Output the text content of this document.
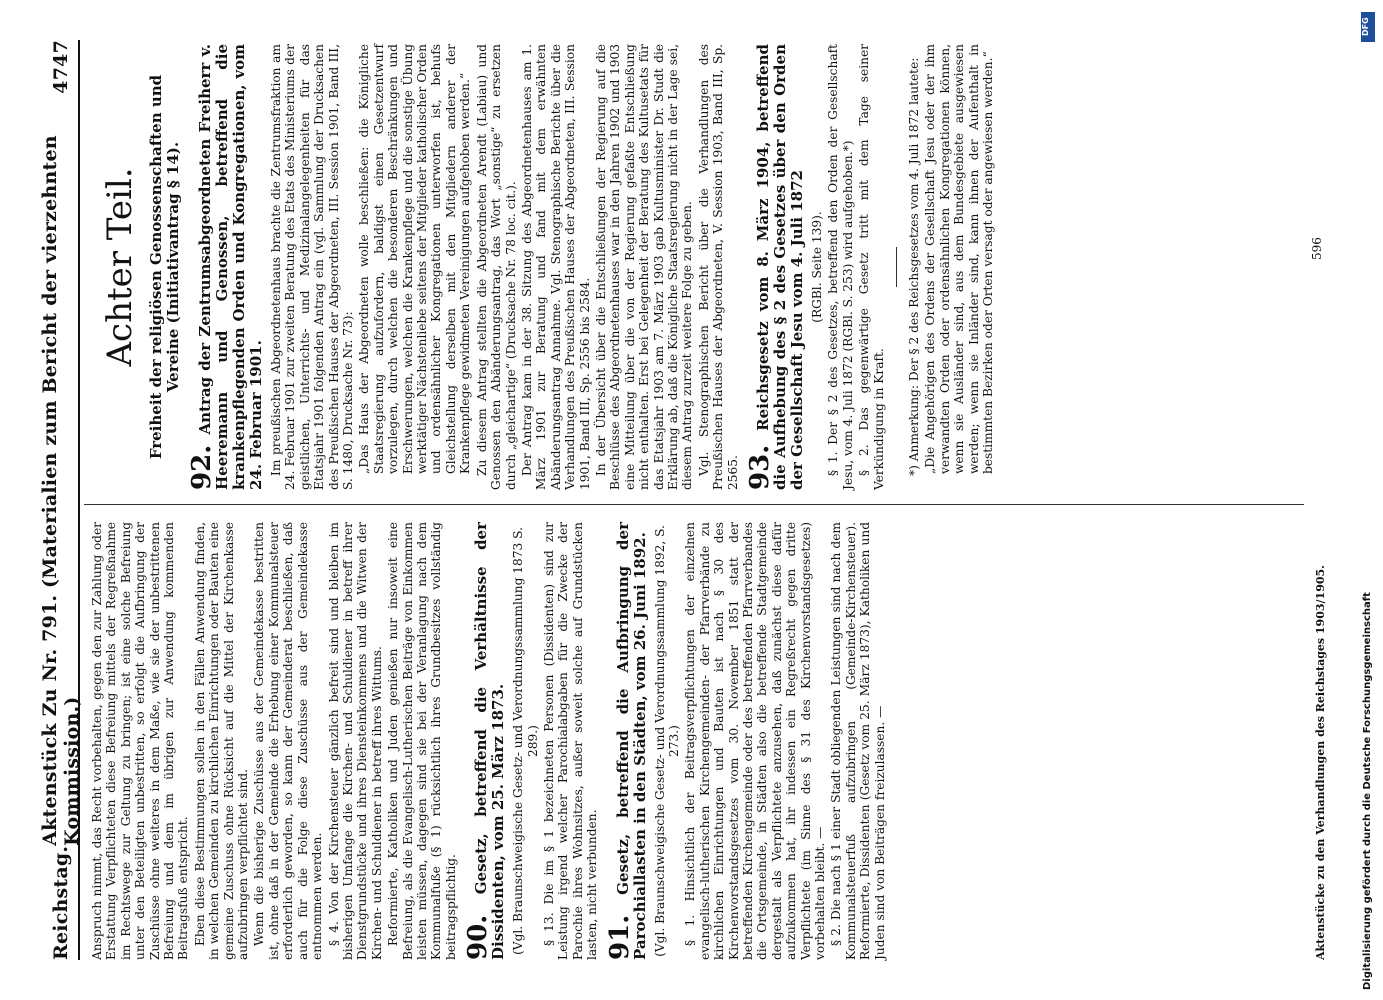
Reichstag.
Aktenstück Zu Nr. 791. (Materialien zum Bericht der vierzehnten Kommission.)
4747

Anspruch nimmt, das Recht vorbehalten, gegen den zur Zahlung oder Erstattung Verpflichteten diese Befreiung mittels der Regreßnahme im Rechtswege zur Geltung zu bringen; ist eine solche Befreiung unter den Beteiligten unbestritten, so erfolgt die Aufbringung der Zuschüsse ohne weiteres in dem Maße, wie sie der unbestrittenen Befreiung und dem im übrigen zur Anwendung kommenden Beitragsfuß entspricht. Eben diese Bestimmungen sollen in den Fällen Anwendung finden, in welchen Gemeinden zu kirchlichen Einrichtungen oder Bauten eine gemeine Zuschuss ohne Rücksicht auf die Mittel der Kirchenkasse aufzubringen verpflichtet sind. Wenn die bisherige Zuschüsse aus der Gemeindekasse bestritten ist, ohne daß in der Gemeinde die Erhebung einer Kommunalsteuer erforderlich geworden, so kann der Gemeinderat beschließen, daß auch für die Folge diese Zuschüsse aus der Gemeindekasse entnommen werden. § 4. Von der Kirchensteuer gänzlich befreit sind und bleiben im bisherigen Umfange die Kirchen- und Schuldiener in betreff ihrer Dienstgrundstücke und ihres Diensteinkommens und die Witwen der Kirchen- und Schuldiener in betreff ihres Wittums. Reformierte, Katholiken und Juden genießen nur insoweit eine Befreiung, als die Evangelisch-Lutherischen Beiträge von Einkommen leisten müssen, dagegen sind sie bei der Veranlagung nach dem Kommunalfuße (§ 1) rücksichtlich ihres Grundbesitzes vollständig beitragspflichtig. 90. Gesetz, betreffend die Verhältnisse der Dissidenten, vom 25. März 1873. (Vgl. Braunschweigische Gesetz- und Verordnungssammlung 1873 S. 289.) § 13. Die im § 1 bezeichneten Personen (Dissidenten) sind zur Leistung irgend welcher Parochialabgaben für die Zwecke der Parochie ihres Wohnsitzes, außer soweit solche auf Grundstücken lasten, nicht verbunden. 91. Gesetz, betreffend die Aufbringung der Parochiallasten in den Städten, vom 26. Juni 1892. (Vgl. Braunschweigische Gesetz- und Verordnungssammlung 1892, S. 273.) § 1. Hinsichtlich der Beitragsverpflichtungen der einzelnen evangelisch-lutherischen Kirchengemeinden- der Pfarrverbände zu kirchlichen Einrichtungen und Bauten ist nach § 30 des Kirchenvorstandsgesetzes vom 30. November 1851 statt der betreffenden Kirchengemeinde oder des betreffenden Pfarrverbandes die Ortsgemeinde, in Städten also die betreffende Stadtgemeinde dergestalt als Verpflichtete anzusehen, daß zunächst diese dafür aufzukommen hat, ihr indessen ein Regreßrecht gegen dritte Verpflichtete (im Sinne des § 31 des Kirchenvorstandsgesetzes) vorbehalten bleibt. — § 2. Die nach § 1 einer Stadt obliegenden Leistungen sind nach dem Kommunalsteuerfuß aufzubringen (Gemeinde-Kirchensteuer). Reformierte, Dissidenten (Gesetz vom 25. März 1873), Katholiken und Juden sind von Beiträgen freizulassen. —

Achter Teil. Freiheit der religiösen Genossenschaften und Vereine (Initiativantrag § 14).
92. Antrag der Zentrumsabgeordneten Freiherr v. Heeremann und Genossen, betreffend die krankenpflegenden Orden und Kongregationen, vom 24. Februar 1901. Im preußischen Abgeordnetenhaus brachte die Zentrumsfraktion am 24. Februar 1901 zur zweiten Beratung des Etats des Ministeriums der geistlichen, Unterrichts- und Medizinalangelegenheiten für das Etatsjahr 1901 folgenden Antrag ein (vgl. Sammlung der Drucksachen des Preußischen Hauses der Abgeordneten, III. Session 1901, Band III, S. 1480, Drucksache Nr. 73): „Das Haus der Abgeordneten wolle beschließen: die Königliche Staatsregierung aufzufordern, baldigst einen Gesetzentwurf vorzulegen, durch welchen die besonderen Beschränkungen und Erschwerungen, welchen die Krankenpflege und die sonstige Übung werktätiger Nächstenliebe seitens der Mitglieder katholischer Orden und ordensähnlicher Kongregationen unterworfen ist, behufs Gleichstellung derselben mit den Mitgliedern anderer der Krankenpflege gewidmeten Vereinigungen aufgehoben werden.“ Zu diesem Antrag stellten die Abgeordneten Arendt (Labiau) und Genossen den Abänderungsantrag, das Wort „sonstige“ zu ersetzen durch „gleichartige“ (Drucksache Nr. 78 loc. cit.). Der Antrag kam in der 38. Sitzung des Abgeordnetenhauses am 1. März 1901 zur Beratung und fand mit dem erwähnten Abänderungsantrag Annahme. Vgl. Stenographische Berichte über die Verhandlungen des Preußischen Hauses der Abgeordneten, III. Session 1901, Band III, Sp. 2556 bis 2584. In der Übersicht über die Entschließungen der Regierung auf die Beschlüsse des Abgeordnetenhauses war in den Jahren 1902 und 1903 eine Mitteilung über die von der Regierung gefaßte Entschließung nicht enthalten. Erst bei Gelegenheit der Beratung des Kultusetats für das Etatsjahr 1903 am 7. März 1903 gab Kultusminister Dr. Studt die Erklärung ab, daß die Königliche Staatsregierung nicht in der Lage sei, diesem Antrag zurzeit weitere Folge zu geben. Vgl. Stenographischen Bericht über die Verhandlungen des Preußischen Hauses der Abgeordneten, V. Session 1903, Band III, Sp. 2565. 93. Reichsgesetz vom 8. März 1904, betreffend die Aufhebung des § 2 des Gesetzes über den Orden der Gesellschaft Jesu vom 4. Juli 1872 (RGBl. Seite 139). § 1. Der § 2 des Gesetzes, betreffend den Orden der Gesellschaft Jesu, vom 4. Juli 1872 (RGBl. S. 253) wird aufgehoben.*) § 2. Das gegenwärtige Gesetz tritt mit dem Tage seiner Verkündigung in Kraft. *) Anmerkung: Der § 2 des Reichsgesetzes vom 4. Juli 1872 lautete: „Die Angehörigen des Ordens der Gesellschaft Jesu oder der ihm verwandten Orden oder ordensähnlichen Kongregationen können, wenn sie Ausländer sind, aus dem Bundesgebiete ausgewiesen werden; wenn sie Inländer sind, kann ihnen der Aufenthalt in bestimmten Bezirken oder Orten versagt oder angewiesen werden.“

Aktenstücke zu den Verhandlungen des Reichstages 1903/1905.
596
DFG
Digitalisierung gefördert durch die Deutsche Forschungsgemeinschaft
